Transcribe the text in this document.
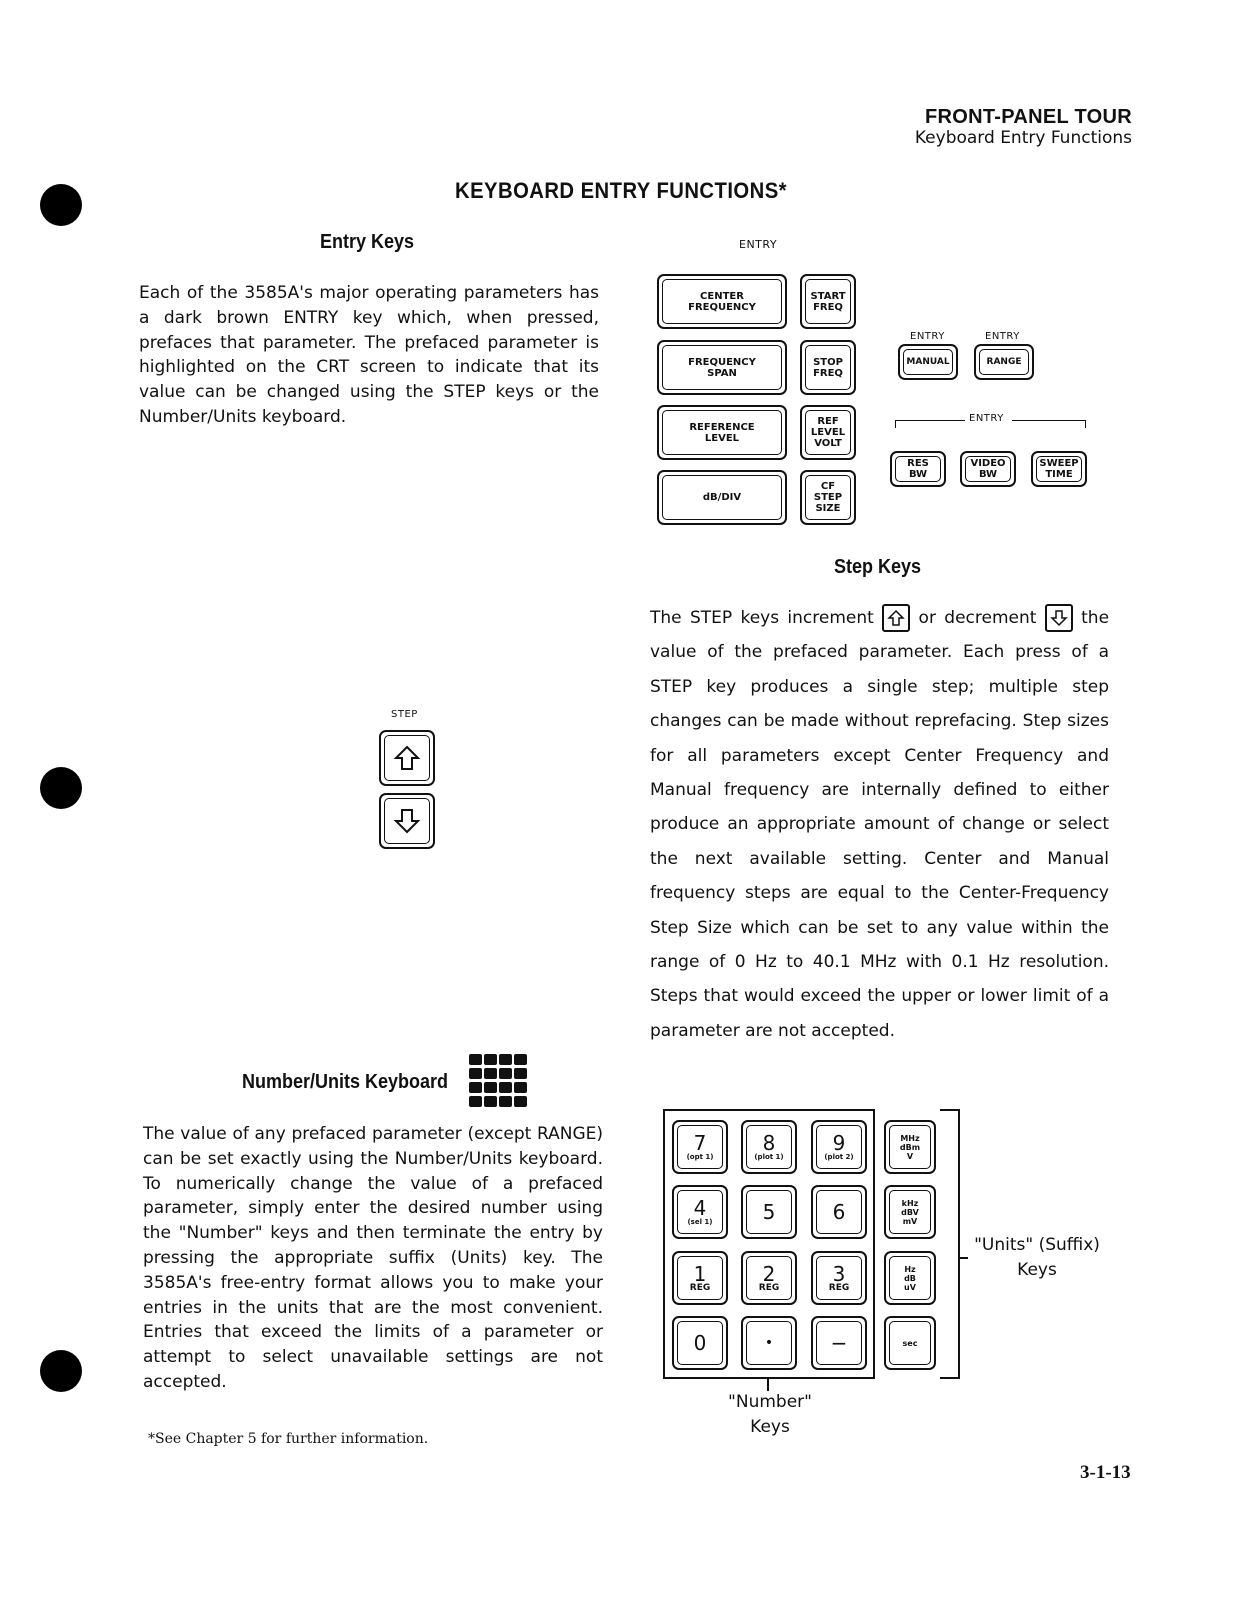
FRONT-PANEL TOUR
Keyboard Entry Functions
KEYBOARD ENTRY FUNCTIONS*
Entry Keys
Each of the 3585A's major operating parameters has a dark brown ENTRY key which, when pressed, prefaces that parameter. The prefaced parameter is highlighted on the CRT screen to indicate that its value can be changed using the STEP keys or the Number/Units keyboard.
ENTRY
CENTER
FREQUENCY
FREQUENCY
SPAN
REFERENCE
LEVEL
dB/DIV
START
FREQ
STOP
FREQ
REF
LEVEL
VOLT
CF
STEP
SIZE
ENTRY
MANUAL
ENTRY
RANGE
ENTRY
RES
BW
VIDEO
BW
SWEEP
TIME
Step Keys
The STEP keys increment	or decrement	the value of the prefaced parameter. Each press of a STEP key produces a single step; multiple step changes can be made without reprefacing. Step sizes for all parameters except Center Frequency and Manual frequency are internally defined to either produce an appropriate amount of change or select the next available setting. Center and Manual frequency steps are equal to the Center-Frequency Step Size which can be set to any value within the range of 0 Hz to 40.1 MHz with 0.1 Hz resolution. Steps that would exceed the upper or lower limit of a parameter are not accepted.
STEP
Number/Units Keyboard
The value of any prefaced parameter (except RANGE) can be set exactly using the Number/Units keyboard. To numerically change the value of a prefaced parameter, simply enter the desired number using the "Number" keys and then terminate the entry by pressing the appropriate suffix (Units) key. The 3585A's free-entry format allows you to make your entries in the units that are the most convenient. Entries that exceed the limits of a parameter or attempt to select unavailable settings are not accepted.
7
(opt 1)
8
(plot 1)
9
(plot 2)
4
(sel 1)	5	6
1
REG
2
REG
3
REG
0	•	−
MHz
dBm
V
kHz
dBV
mV
Hz
dB
uV
sec
"Units" (Suffix)
Keys
"Number"
Keys
*See Chapter 5 for further information.
3-1-13
